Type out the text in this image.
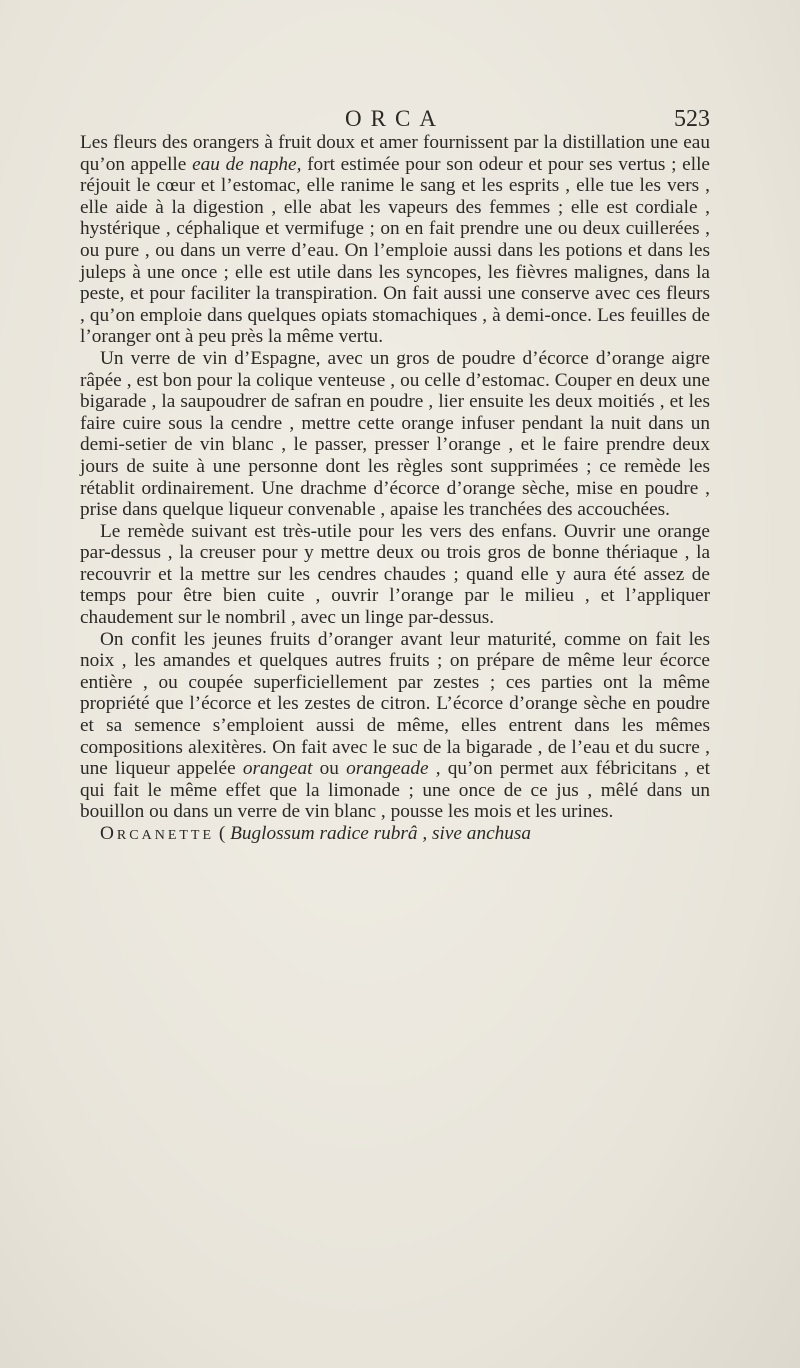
ORCA	523

Les fleurs des orangers à fruit doux et amer fournissent par la distillation une eau qu’on appelle eau de naphe, fort estimée pour son odeur et pour ses vertus ; elle réjouit le cœur et l’estomac, elle ranime le sang et les esprits , elle tue les vers , elle aide à la digestion , elle abat les vapeurs des femmes ; elle est cordiale , hystérique , céphalique et vermifuge ; on en fait prendre une ou deux cuillerées , ou pure , ou dans un verre d’eau. On l’emploie aussi dans les potions et dans les juleps à une once ; elle est utile dans les syncopes, les fièvres malignes, dans la peste, et pour faciliter la transpiration. On fait aussi une conserve avec ces fleurs , qu’on emploie dans quelques opiats stomachiques , à demi-once. Les feuilles de l’oranger ont à peu près la même vertu.

Un verre de vin d’Espagne, avec un gros de poudre d’écorce d’orange aigre râpée , est bon pour la colique venteuse , ou celle d’estomac. Couper en deux une bigarade , la saupoudrer de safran en poudre , lier ensuite les deux moitiés , et les faire cuire sous la cendre , mettre cette orange infuser pendant la nuit dans un demi-setier de vin blanc , le passer, presser l’orange , et le faire prendre deux jours de suite à une personne dont les règles sont supprimées ; ce remède les rétablit ordinairement. Une drachme d’écorce d’orange sèche, mise en poudre , prise dans quelque liqueur convenable , apaise les tranchées des accouchées.

Le remède suivant est très-utile pour les vers des enfans. Ouvrir une orange par-dessus , la creuser pour y mettre deux ou trois gros de bonne thériaque , la recouvrir et la mettre sur les cendres chaudes ; quand elle y aura été assez de temps pour être bien cuite , ouvrir l’orange par le milieu , et l’appliquer chaudement sur le nombril , avec un linge par-dessus.

On confit les jeunes fruits d’oranger avant leur maturité, comme on fait les noix , les amandes et quelques autres fruits ; on prépare de même leur écorce entière , ou coupée superficiellement par zestes ; ces parties ont la même propriété que l’écorce et les zestes de citron. L’écorce d’orange sèche en poudre et sa semence s’emploient aussi de même, elles entrent dans les mêmes compositions alexitères. On fait avec le suc de la bigarade , de l’eau et du sucre , une liqueur appelée orangeat ou orangeade , qu’on permet aux fébricitans , et qui fait le même effet que la limonade ; une once de ce jus , mêlé dans un bouillon ou dans un verre de vin blanc , pousse les mois et les urines.

Orcanette ( Buglossum radice rubrâ , sive anchusa
